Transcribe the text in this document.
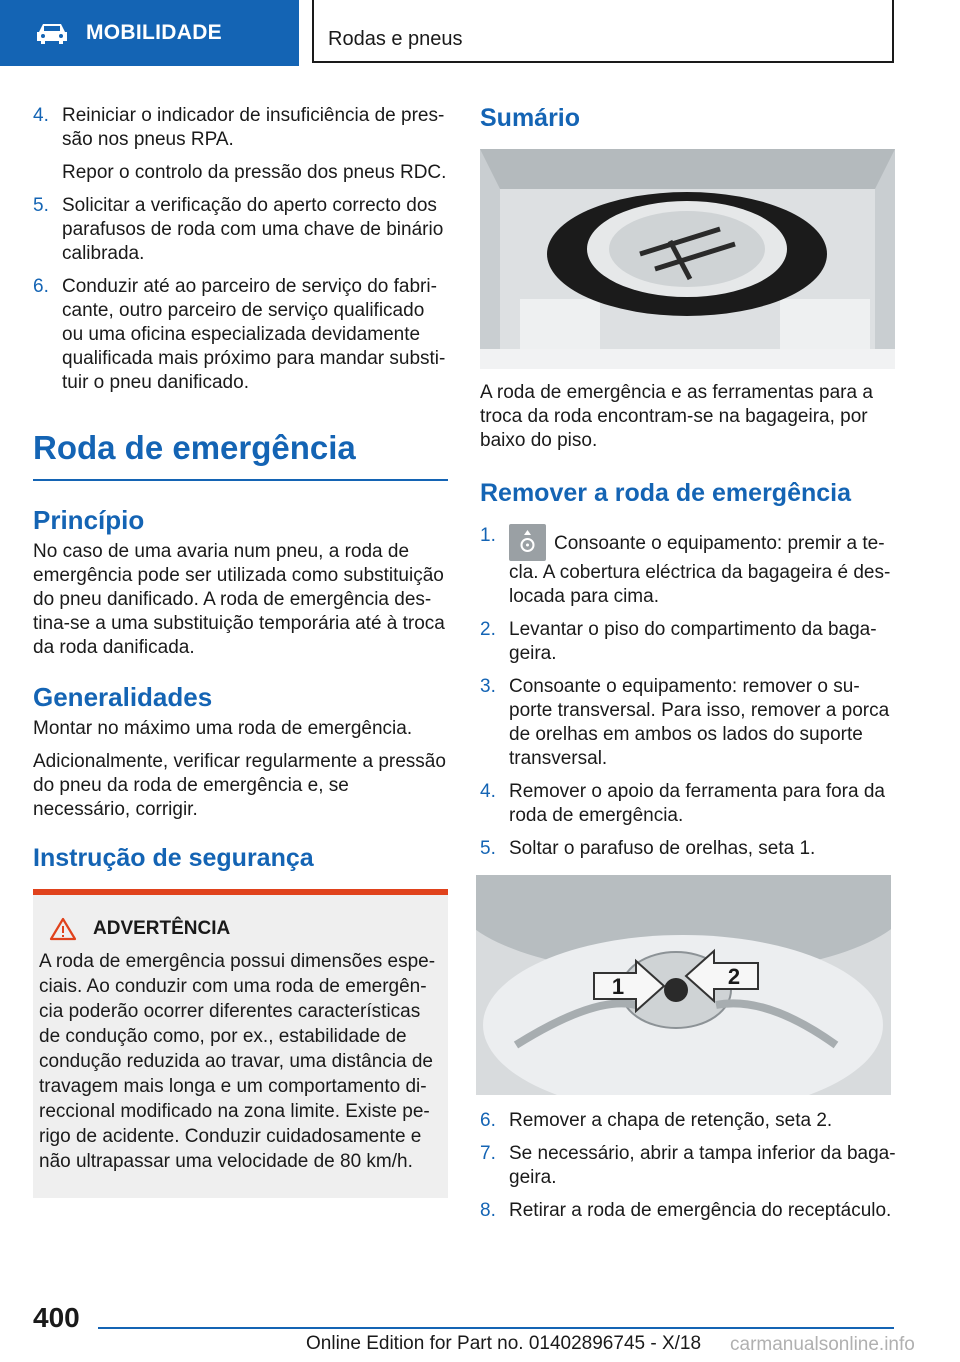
MOBILIDADE	Rodas e pneus
4. Reiniciar o indicador de insuficiência de pres-são nos pneus RPA.

Repor o controlo da pressão dos pneus RDC.

5. Solicitar a verificação do aperto correcto dos parafusos de roda com uma chave de binário calibrada.
6. Conduzir até ao parceiro de serviço do fabri-cante, outro parceiro de serviço qualificado ou uma oficina especializada devidamente qualificada mais próximo para mandar substi-tuir o pneu danificado.
Roda de emergência
Princípio

No caso de uma avaria num pneu, a roda de emergência pode ser utilizada como substituição do pneu danificado. A roda de emergência des-tina-se a uma substituição temporária até à troca da roda danificada.

Generalidades

Montar no máximo uma roda de emergência.

Adicionalmente, verificar regularmente a pressão do pneu da roda de emergência e, se necessário, corrigir.

Instrução de segurança
ADVERTÊNCIA

A roda de emergência possui dimensões espe-ciais. Ao conduzir com uma roda de emergên-cia poderão ocorrer diferentes características de condução como, por ex., estabilidade de condução reduzida ao travar, uma distância de travagem mais longa e um comportamento di-reccional modificado na zona limite. Existe pe-rigo de acidente. Conduzir cuidadosamente e não ultrapassar uma velocidade de 80 km/h.

Sumário

A roda de emergência e as ferramentas para a troca da roda encontram-se na bagageira, por baixo do piso.

Remover a roda de emergência
1.	Consoante o equipamento: premir a te-cla. A cobertura eléctrica da bagageira é des-locada para cima.
2. Levantar o piso do compartimento da baga-geira.
3. Consoante o equipamento: remover o su-porte transversal. Para isso, remover a porca de orelhas em ambos os lados do suporte transversal.
4. Remover o apoio da ferramenta para fora da roda de emergência.
5. Soltar o parafuso de orelhas, seta 1.
1	2
6. Remover a chapa de retenção, seta 2.
7. Se necessário, abrir a tampa inferior da baga-geira.
8. Retirar a roda de emergência do receptáculo.
400
Online Edition for Part no. 01402896745 - X/18 carmanualsonline.info
